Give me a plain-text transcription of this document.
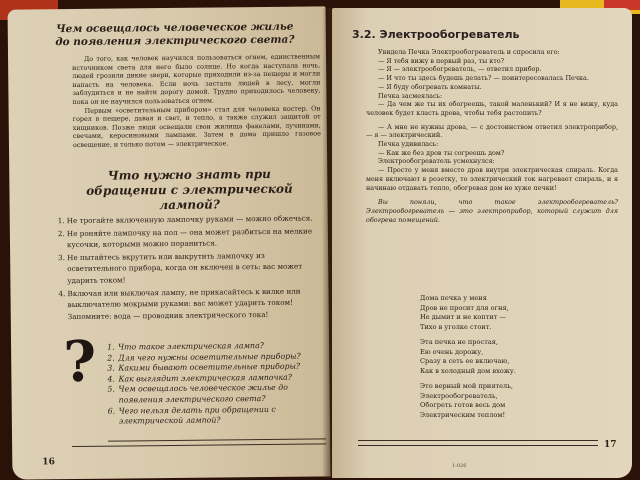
Чем освещалось человеческое жилье до появления электрического света?

До того, как человек научился пользоваться огнем, единственным источником света для него было солнце. Но когда наступала ночь, людей грозили дикие звери, которые приходили из-за пещеры и могли напасть на человека. Если ночь застала людей в лесу, могли заблудиться и не найти дорогу домой. Трудно приходилось человеку, пока он не научился пользоваться огнем.

Первым «осветительным прибором» стал для человека костер. Он горел в пещере, давая и свет, и тепло, а также служил защитой от хищников. Позже люди освещали свои жилища факелами, лучинами, свечами, керосиновыми лампами. Затем в дома пришло газовое освещение, и только потом — электрическое.

Что нужно знать при обращении с электрической лампой?
1. Не трогайте включенную лампочку руками — можно обжечься.
2. Не роняйте лампочку на пол — она может разбиться на мелкие кусочки, которыми можно пораниться.
3. Не пытайтесь вкрутить или выкрутить лампочку из осветительного прибора, когда он включен в сеть: вас может ударить током!
4. Включая или выключая лампу, не прикасайтесь к вилке или выключателю мокрыми руками: вас может ударить током! Запомните: вода — проводник электрического тока!
? 1. Что такое электрическая лампа?
2. Для чего нужны осветительные приборы?
3. Какими бывают осветительные приборы?
4. Как выглядит электрическая лампочка?
5. Чем освещалось человеческое жилье до появления электрического света?
6. Чего нельзя делать при обращении с электрической лампой?
16
3.2. Электрообогреватель

Увидела Печка Электрообогреватель и спросила его:

— Я тебя вижу в первый раз, ты кто?

— Я — электрообогреватель, — ответил прибор.

— И что ты здесь будешь делать? — поинтересовалась Печка.

— Я буду обогревать комнаты.

Печка засмеялась:

— Да чем же ты их обогреешь, такой маленький? И я не вижу, куда человек будет класть дрова, чтобы тебя растопить?

— А мне не нужны дрова, — с достоинством ответил электроприбор, — я — электрический.

Печка удивилась:

— Как же без дров ты согреешь дом?

Электрообогреватель усмехнулся:

— Просто у меня вместо дров внутри электрическая спираль. Когда меня включают в розетку, то электрический ток нагревает спираль, и я начинаю отдавать тепло, обогревая дом не хуже печки!

Вы поняли, что такое электрообогреватель? Электрообогреватель — это электроприбор, который служит для обогрева помещений.

Дома печка у меня
Дров не просит для огня,
Не дымит и не коптит —
Тихо в уголке стоит.
Эта печка не простая,
Ею очень дорожу,
Сразу в сеть ее включаю,
Как в холодный дом вхожу.
Это верный мой приятель,
Электрообогреватель,
Обогреть готов весь дом
Электрическим теплом!
1-026
17
